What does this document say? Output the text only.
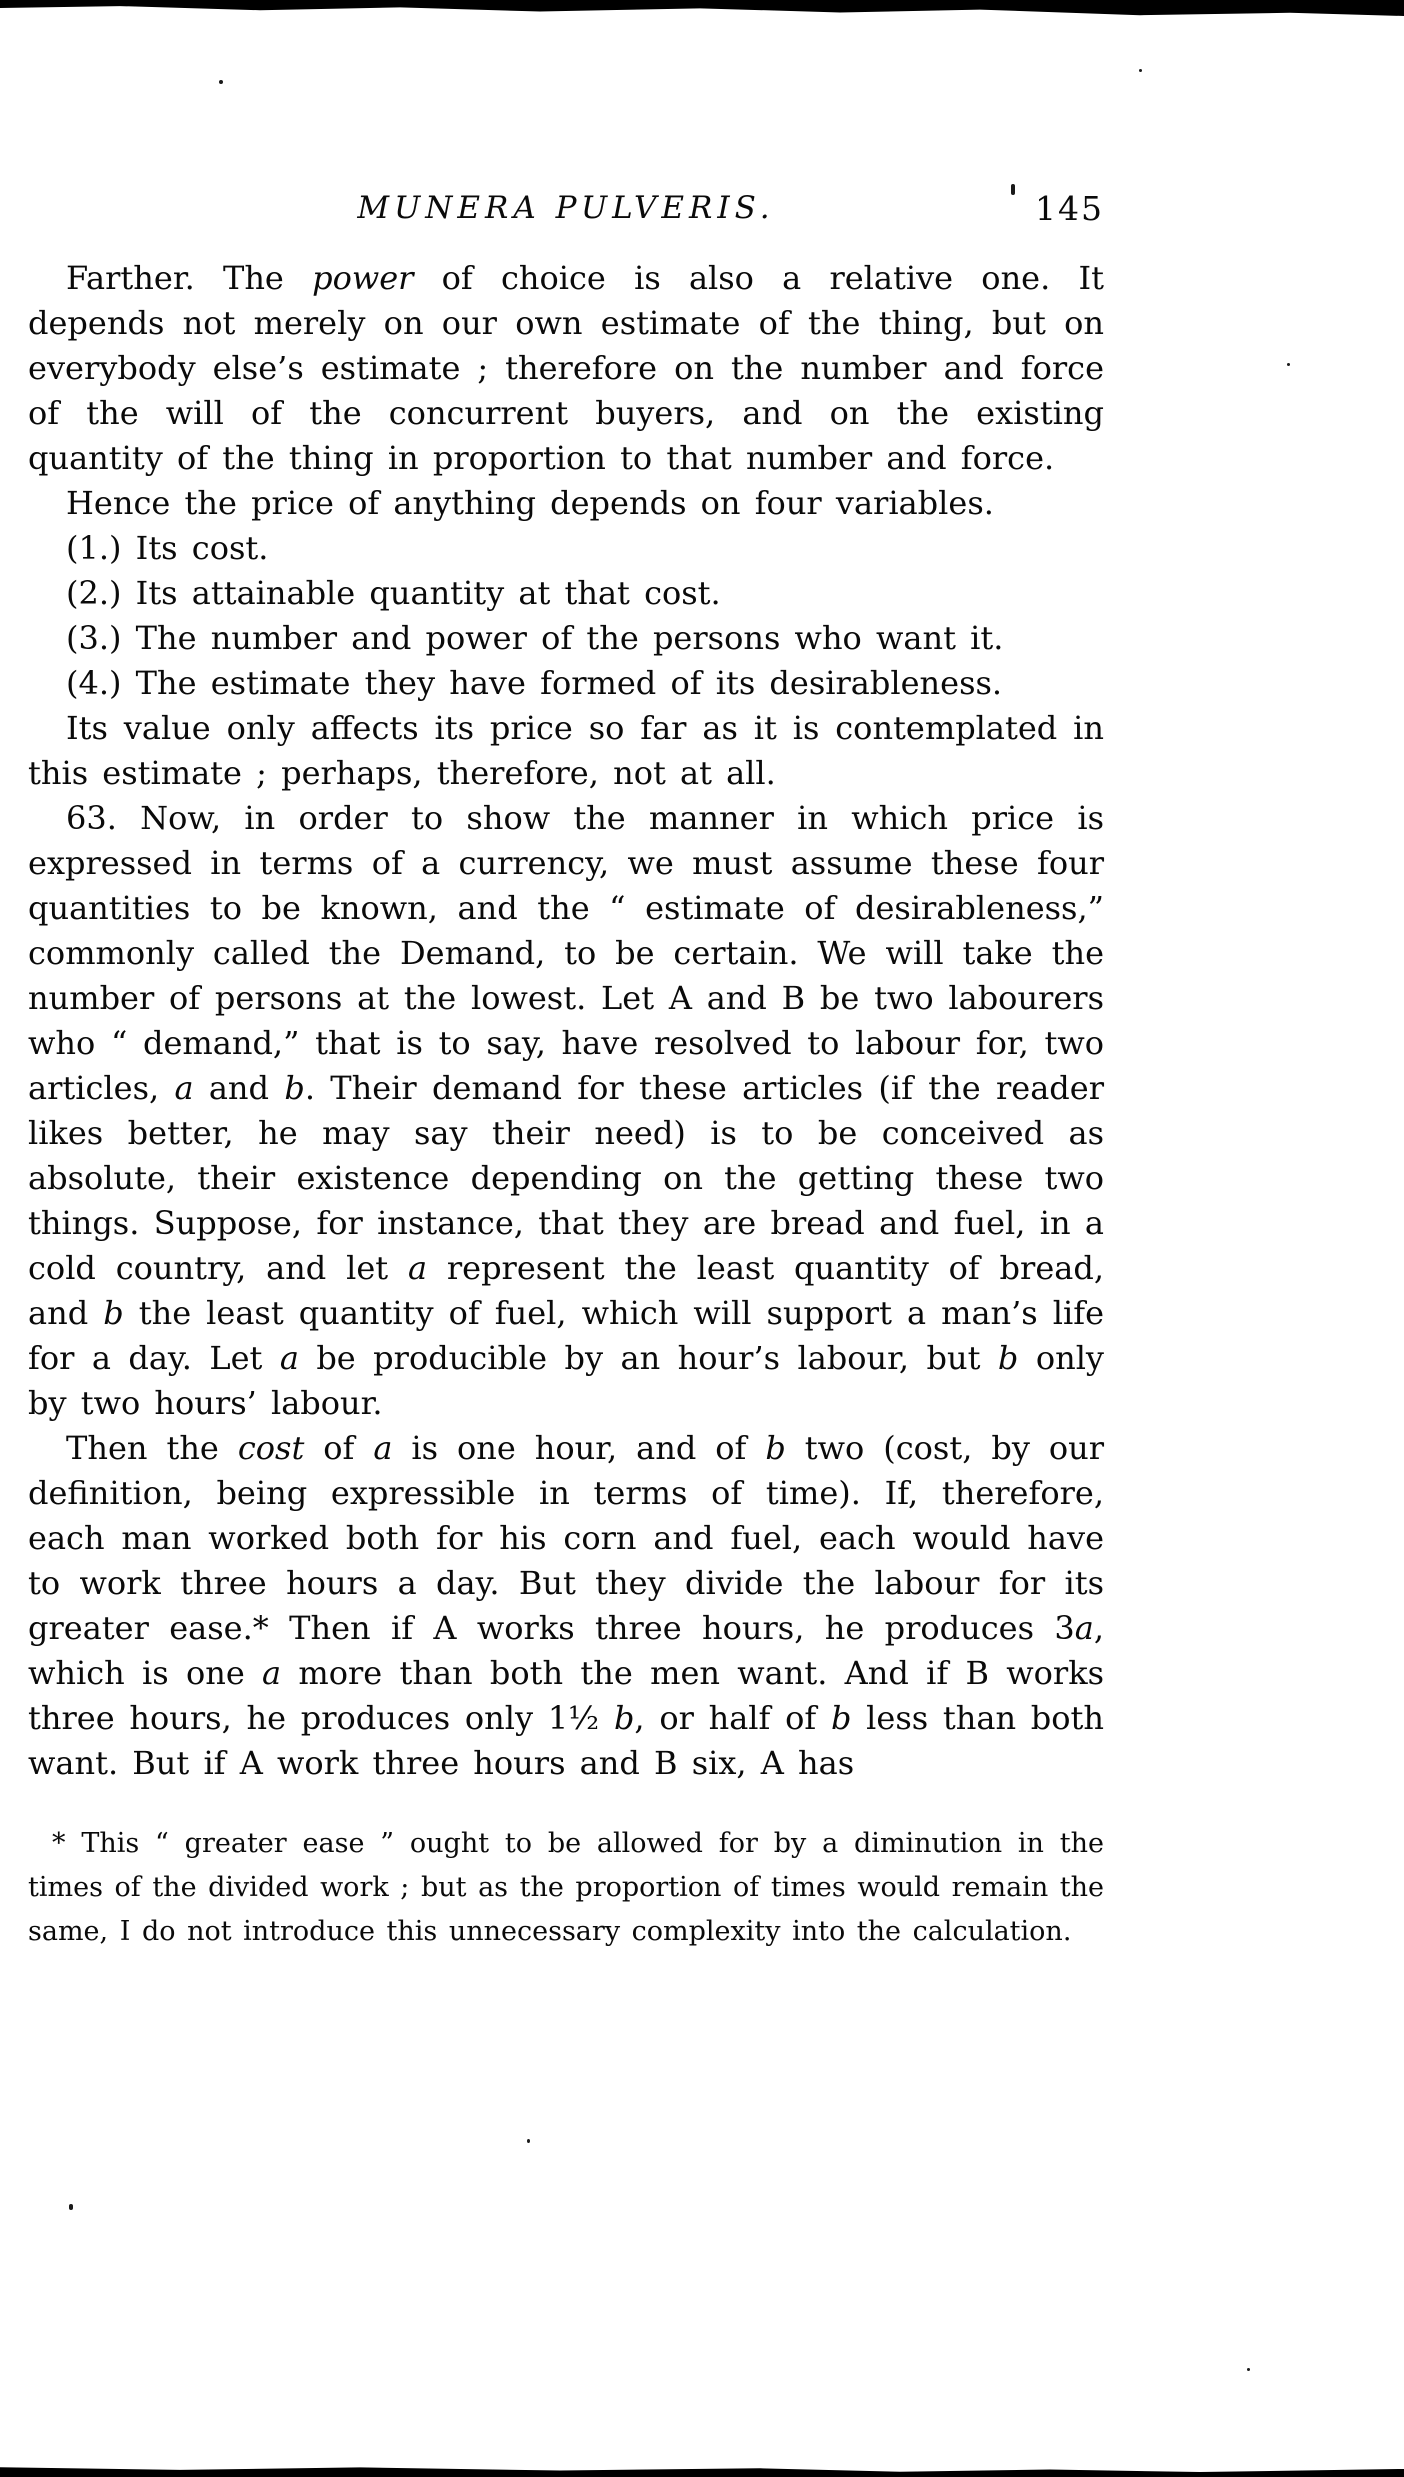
MUNERA PULVERIS.	145

Farther. The power of choice is also a relative one. It depends not merely on our own estimate of the thing, but on everybody else’s estimate ; therefore on the number and force of the will of the concurrent buyers, and on the existing quantity of the thing in proportion to that number and force.

Hence the price of anything depends on four variables.

(1.) Its cost.

(2.) Its attainable quantity at that cost.

(3.) The number and power of the persons who want it.

(4.) The estimate they have formed of its desirableness.

Its value only affects its price so far as it is contemplated in this estimate ; perhaps, therefore, not at all.

63. Now, in order to show the manner in which price is expressed in terms of a currency, we must assume these four quantities to be known, and the “ estimate of desirableness,” commonly called the Demand, to be certain. We will take the number of persons at the lowest. Let A and B be two labourers who “ demand,” that is to say, have resolved to labour for, two articles, a and b. Their demand for these articles (if the reader likes better, he may say their need) is to be conceived as absolute, their existence depending on the getting these two things. Suppose, for instance, that they are bread and fuel, in a cold country, and let a represent the least quantity of bread, and b the least quantity of fuel, which will support a man’s life for a day. Let a be producible by an hour’s labour, but b only by two hours’ labour.

Then the cost of a is one hour, and of b two (cost, by our definition, being expressible in terms of time). If, therefore, each man worked both for his corn and fuel, each would have to work three hours a day. But they divide the labour for its greater ease.* Then if A works three hours, he produces 3a, which is one a more than both the men want. And if B works three hours, he produces only 1½ b, or half of b less than both want. But if A work three hours and B six, A has

* This “ greater ease ” ought to be allowed for by a diminution in the times of the divided work ; but as the proportion of times would remain the same, I do not introduce this unnecessary complexity into the calculation.
